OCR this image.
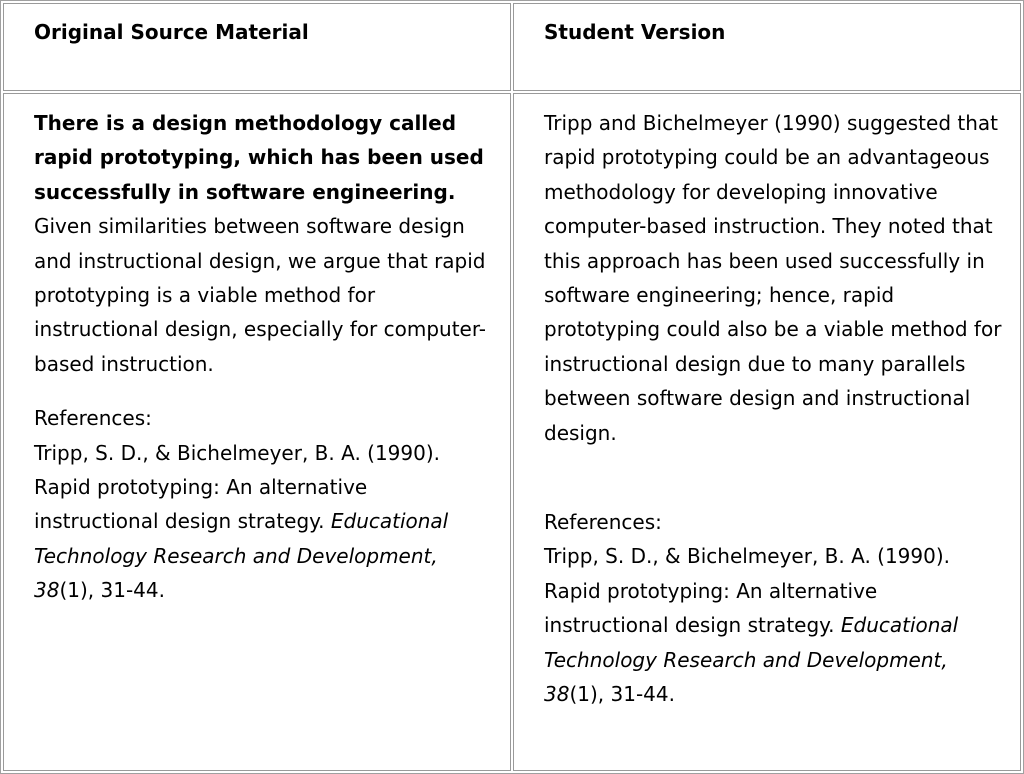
Original Source Material	Student Version

There is a design methodology called rapid prototyping, which has been used successfully in software engineering. Given similarities between software design and instructional design, we argue that rapid prototyping is a viable method for instructional design, especially for computer-based instruction.

References:

Tripp, S. D., & Bichelmeyer, B. A. (1990). Rapid prototyping: An alternative instructional design strategy. Educational Technology Research and Development, 38(1), 31-44.

Tripp and Bichelmeyer (1990) suggested that rapid prototyping could be an advantageous methodology for developing innovative computer-based instruction. They noted that this approach has been used successfully in software engineering; hence, rapid prototyping could also be a viable method for instructional design due to many parallels between software design and instructional design.

References:

Tripp, S. D., & Bichelmeyer, B. A. (1990). Rapid prototyping: An alternative instructional design strategy. Educational Technology Research and Development, 38(1), 31-44.
